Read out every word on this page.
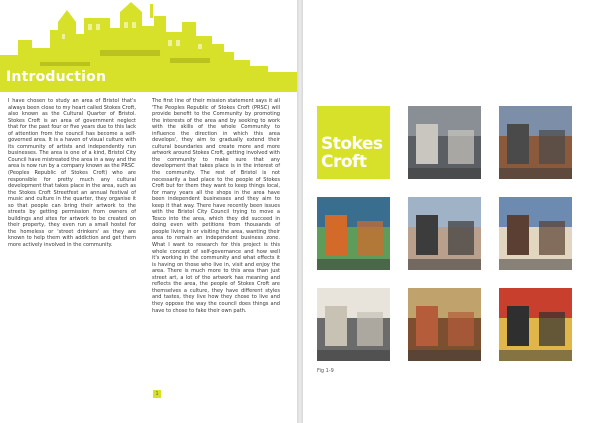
Introduction

I have chosen to study an area of Bristol that's always been close to my heart called Stokes Croft, also known as the Cultural Quarter of Bristol. Stokes Croft is an area of government neglect that for the past four or five years due to this lack of attention from the council has become a self-governed area. It is a haven of visual culture with its community of artists and independently run businesses. The area is one of a kind, Bristol City Council have mistreated the area in a way and the area is now run by a company known as the PRSC

(Peoples Republic of Stokes Croft) who are responsible for pretty much any cultural development that takes place in the area, such as the Stokes Croft Streetfest an annual festival of music and culture in the quarter, they organise it so that people can bring their artwork to the streets by getting permission from owners of buildings and sites for artwork to be created on their property, they even run a small hostel for the homeless or 'street drinkers' as they are known to help them with addiction and get them more actively involved in the community.

The first line of their mission statement says it all 'The Peoples Republic of Stokes Croft (PRSC) will provide benefit to the Community by promoting the interests of the area and by seeking to work with the skills of the whole Community to influence the direction in which this area develops', they aim to gradually extend their cultural boundaries and create more and more artwork around Stokes Croft, getting involved with the community to make sure that any development that takes place is in the interest of the community. The rest of Bristol is not necessarily a bad place to the people of Stokes Croft but for them they want to keep things local, for many years all the shops in the area have been independent businesses and they aim to keep it that way. There have recently been issues with the Bristol City Council trying to move a Tesco into the area, which they did succeed in doing even with petitions from thousands of people living in or visiting the area, wanting their area to remain an independent business zone. What I want to research for this project is this whole concept of self-governance and how well it's working in the community and what effects it is having on those who live in, visit and enjoy the area. There is much more to this area than just street art, a lot of the artwork has meaning and reflects the area, the people of Stokes Croft are themselves a culture, they have different styles and tastes, they live how they chose to live and they oppose the way the council does things and have to chose to fake their own path.

1
Stokes
Croft
Fig 1-9
